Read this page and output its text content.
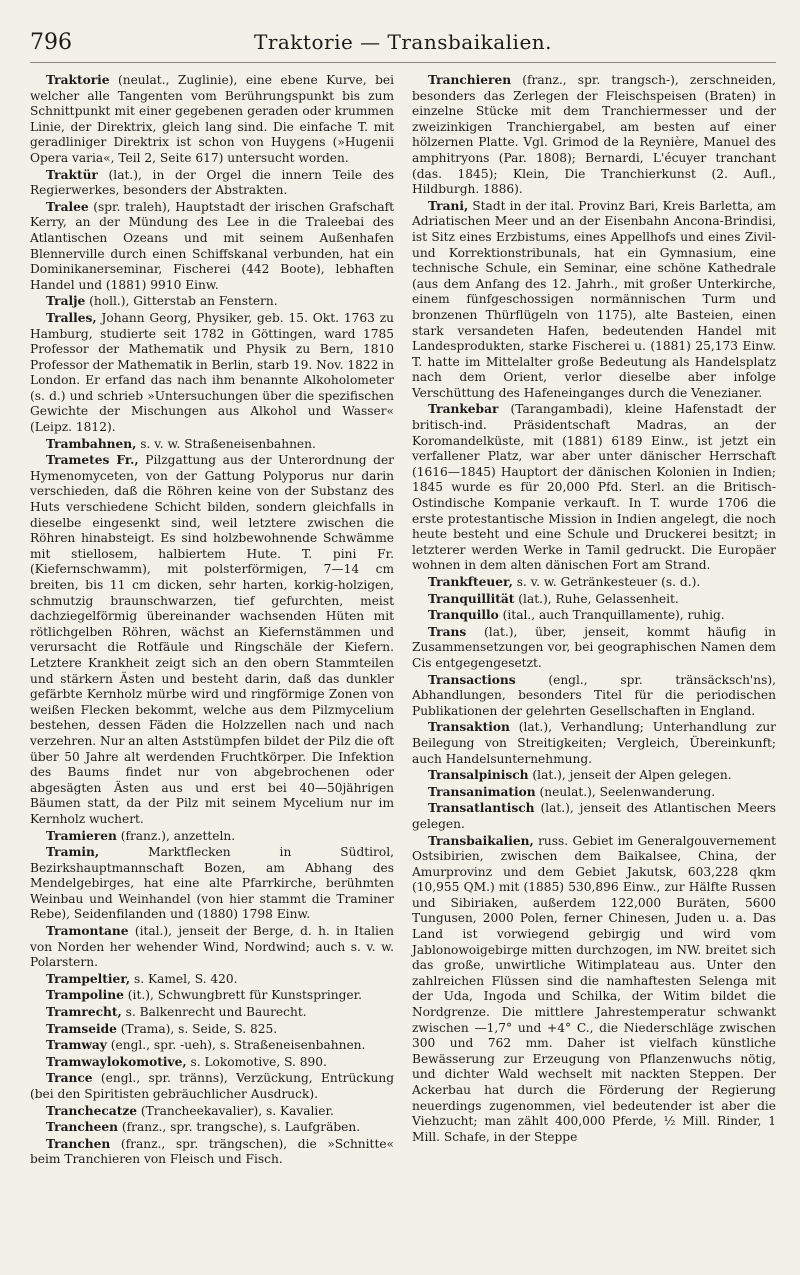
796	Traktorie — Transbaikalien.

Traktorie (neulat., Zuglinie), eine ebene Kurve, bei welcher alle Tangenten vom Berührungspunkt bis zum Schnittpunkt mit einer gegebenen geraden oder krummen Linie, der Direktrix, gleich lang sind. Die einfache T. mit geradliniger Direktrix ist schon von Huygens (»Hugenii Opera varia«, Teil 2, Seite 617) untersucht worden.

Traktür (lat.), in der Orgel die innern Teile des Regierwerkes, besonders der Abstrakten.

Tralee (spr. traleh), Hauptstadt der irischen Grafschaft Kerry, an der Mündung des Lee in die Traleebai des Atlantischen Ozeans und mit seinem Außenhafen Blennerville durch einen Schiffskanal verbunden, hat ein Dominikanerseminar, Fischerei (442 Boote), lebhaften Handel und (1881) 9910 Einw.

Tralje (holl.), Gitterstab an Fenstern.

Tralles, Johann Georg, Physiker, geb. 15. Okt. 1763 zu Hamburg, studierte seit 1782 in Göttingen, ward 1785 Professor der Mathematik und Physik zu Bern, 1810 Professor der Mathematik in Berlin, starb 19. Nov. 1822 in London. Er erfand das nach ihm benannte Alkoholometer (s. d.) und schrieb »Untersuchungen über die spezifischen Gewichte der Mischungen aus Alkohol und Wasser« (Leipz. 1812).

Trambahnen, s. v. w. Straßeneisenbahnen.

Trametes Fr., Pilzgattung aus der Unterordnung der Hymenomyceten, von der Gattung Polyporus nur darin verschieden, daß die Röhren keine von der Substanz des Huts verschiedene Schicht bilden, sondern gleichfalls in dieselbe eingesenkt sind, weil letztere zwischen die Röhren hinabsteigt. Es sind holzbewohnende Schwämme mit stiellosem, halbiertem Hute. T. pini Fr. (Kiefernschwamm), mit polsterförmigen, 7—14 cm breiten, bis 11 cm dicken, sehr harten, korkig-holzigen, schmutzig braunschwarzen, tief gefurchten, meist dachziegelförmig übereinander wachsenden Hüten mit rötlichgelben Röhren, wächst an Kiefernstämmen und verursacht die Rotfäule und Ringschäle der Kiefern. Letztere Krankheit zeigt sich an den obern Stammteilen und stärkern Ästen und besteht darin, daß das dunkler gefärbte Kernholz mürbe wird und ringförmige Zonen von weißen Flecken bekommt, welche aus dem Pilzmycelium bestehen, dessen Fäden die Holzzellen nach und nach verzehren. Nur an alten Aststümpfen bildet der Pilz die oft über 50 Jahre alt werdenden Fruchtkörper. Die Infektion des Baums findet nur von abgebrochenen oder abgesägten Ästen aus und erst bei 40—50jährigen Bäumen statt, da der Pilz mit seinem Mycelium nur im Kernholz wuchert.

Tramieren (franz.), anzetteln.

Tramin,	Marktflecken in Südtirol, Bezirkshauptmannschaft Bozen, am Abhang des Mendelgebirges, hat eine alte Pfarrkirche, berühmten Weinbau und Weinhandel (von hier stammt die Traminer Rebe), Seidenfilanden und (1880) 1798 Einw.

Tramontane (ital.), jenseit der Berge, d. h. in Italien von Norden her wehender Wind, Nordwind; auch s. v. w. Polarstern.

Trampeltier, s. Kamel, S. 420.

Trampoline (it.), Schwungbrett für Kunstspringer.

Tramrecht, s. Balkenrecht und Baurecht.

Tramseide (Trama), s. Seide, S. 825.

Tramway (engl., spr. -ueh), s. Straßeneisenbahnen.

Tramwaylokomotive, s. Lokomotive, S. 890.

Trance (engl., spr. tränns), Verzückung, Entrückung (bei den Spiritisten gebräuchlicher Ausdruck).

Tranchecatze (Trancheekavalier), s. Kavalier.

Trancheen (franz., spr. trangsche), s. Laufgräben.

Tranchen (franz., spr. trängschen), die »Schnitte« beim Tranchieren von Fleisch und Fisch.

Tranchieren (franz., spr. trangsch-), zerschneiden, besonders das Zerlegen der Fleischspeisen (Braten) in einzelne Stücke mit dem Tranchiermesser und der zweizinkigen Tranchiergabel, am besten auf einer hölzernen Platte. Vgl. Grimod de la Reynière, Manuel des amphitryons (Par. 1808); Bernardi, L'écuyer tranchant (das. 1845); Klein, Die Tranchierkunst (2. Aufl., Hildburgh. 1886).

Trani, Stadt in der ital. Provinz Bari, Kreis Barletta, am Adriatischen Meer und an der Eisenbahn Ancona-Brindisi, ist Sitz eines Erzbistums, eines Appellhofs und eines Zivil- und Korrektionstribunals, hat ein Gymnasium, eine technische Schule, ein Seminar, eine schöne Kathedrale (aus dem Anfang des 12. Jahrh., mit großer Unterkirche, einem fünfgeschossigen normännischen Turm und bronzenen Thürflügeln von 1175), alte Basteien, einen stark versandeten Hafen, bedeutenden Handel mit Landesprodukten, starke Fischerei u. (1881) 25,173 Einw. T. hatte im Mittelalter große Bedeutung als Handelsplatz nach dem Orient, verlor dieselbe aber infolge Verschüttung des Hafeneinganges durch die Venezianer.

Trankebar (Tarangambadi), kleine Hafenstadt der britisch-ind. Präsidentschaft Madras, an der Koromandelküste, mit (1881) 6189 Einw., ist jetzt ein verfallener Platz, war aber unter dänischer Herrschaft (1616—1845) Hauptort der dänischen Kolonien in Indien; 1845 wurde es für 20,000 Pfd. Sterl. an die Britisch-Ostindische Kompanie verkauft. In T. wurde 1706 die erste protestantische Mission in Indien angelegt, die noch heute besteht und eine Schule und Druckerei besitzt; in letzterer werden Werke in Tamil gedruckt. Die Europäer wohnen in dem alten dänischen Fort am Strand.

Trankfteuer, s. v. w. Getränkesteuer (s. d.).

Tranquillität (lat.), Ruhe, Gelassenheit.

Tranquillo (ital., auch Tranquillamente), ruhig.

Trans (lat.), über, jenseit, kommt häufig in Zusammensetzungen vor, bei geographischen Namen dem Cis entgegengesetzt.

Transactions	(engl., spr. tränsäcksch'ns), Abhandlungen, besonders Titel für die periodischen Publikationen der gelehrten Gesellschaften in England.

Transaktion (lat.), Verhandlung; Unterhandlung zur Beilegung von Streitigkeiten; Vergleich, Übereinkunft; auch Handelsunternehmung.

Transalpinisch (lat.), jenseit der Alpen gelegen.

Transanimation (neulat.), Seelenwanderung.

Transatlantisch (lat.), jenseit des Atlantischen Meers gelegen.

Transbaikalien, russ. Gebiet im Generalgouvernement Ostsibirien, zwischen dem Baikalsee, China, der Amurprovinz und dem Gebiet Jakutsk, 603,228 qkm (10,955 QM.) mit (1885) 530,896 Einw., zur Hälfte Russen und Sibiriaken, außerdem 122,000 Buräten, 5600 Tungusen, 2000 Polen, ferner Chinesen, Juden u. a. Das Land ist vorwiegend gebirgig und wird vom Jablonowoigebirge mitten durchzogen, im NW. breitet sich das große, unwirtliche Witimplateau aus. Unter den zahlreichen Flüssen sind die namhaftesten Selenga mit der Uda, Ingoda und Schilka, der Witim bildet die Nordgrenze. Die mittlere Jahrestemperatur schwankt zwischen —1,7° und +4° C., die Niederschläge zwischen 300 und 762 mm. Daher ist vielfach künstliche Bewässerung zur Erzeugung von Pflanzenwuchs nötig, und dichter Wald wechselt mit nackten Steppen. Der Ackerbau hat durch die Förderung der Regierung neuerdings zugenommen, viel bedeutender ist aber die Viehzucht; man zählt 400,000 Pferde, ½ Mill. Rinder, 1 Mill. Schafe, in der Steppe
